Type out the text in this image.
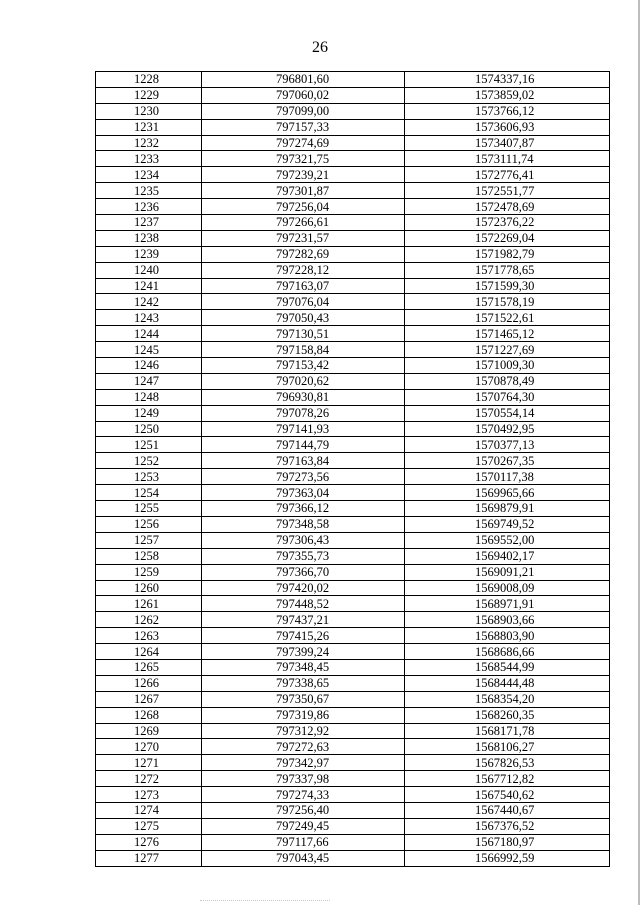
26
1228	796801,60	1574337,16
1229	797060,02	1573859,02
1230	797099,00	1573766,12
1231	797157,33	1573606,93
1232	797274,69	1573407,87
1233	797321,75	1573111,74
1234	797239,21	1572776,41
1235	797301,87	1572551,77
1236	797256,04	1572478,69
1237	797266,61	1572376,22
1238	797231,57	1572269,04
1239	797282,69	1571982,79
1240	797228,12	1571778,65
1241	797163,07	1571599,30
1242	797076,04	1571578,19
1243	797050,43	1571522,61
1244	797130,51	1571465,12
1245	797158,84	1571227,69
1246	797153,42	1571009,30
1247	797020,62	1570878,49
1248	796930,81	1570764,30
1249	797078,26	1570554,14
1250	797141,93	1570492,95
1251	797144,79	1570377,13
1252	797163,84	1570267,35
1253	797273,56	1570117,38
1254	797363,04	1569965,66
1255	797366,12	1569879,91
1256	797348,58	1569749,52
1257	797306,43	1569552,00
1258	797355,73	1569402,17
1259	797366,70	1569091,21
1260	797420,02	1569008,09
1261	797448,52	1568971,91
1262	797437,21	1568903,66
1263	797415,26	1568803,90
1264	797399,24	1568686,66
1265	797348,45	1568544,99
1266	797338,65	1568444,48
1267	797350,67	1568354,20
1268	797319,86	1568260,35
1269	797312,92	1568171,78
1270	797272,63	1568106,27
1271	797342,97	1567826,53
1272	797337,98	1567712,82
1273	797274,33	1567540,62
1274	797256,40	1567440,67
1275	797249,45	1567376,52
1276	797117,66	1567180,97
1277	797043,45	1566992,59
